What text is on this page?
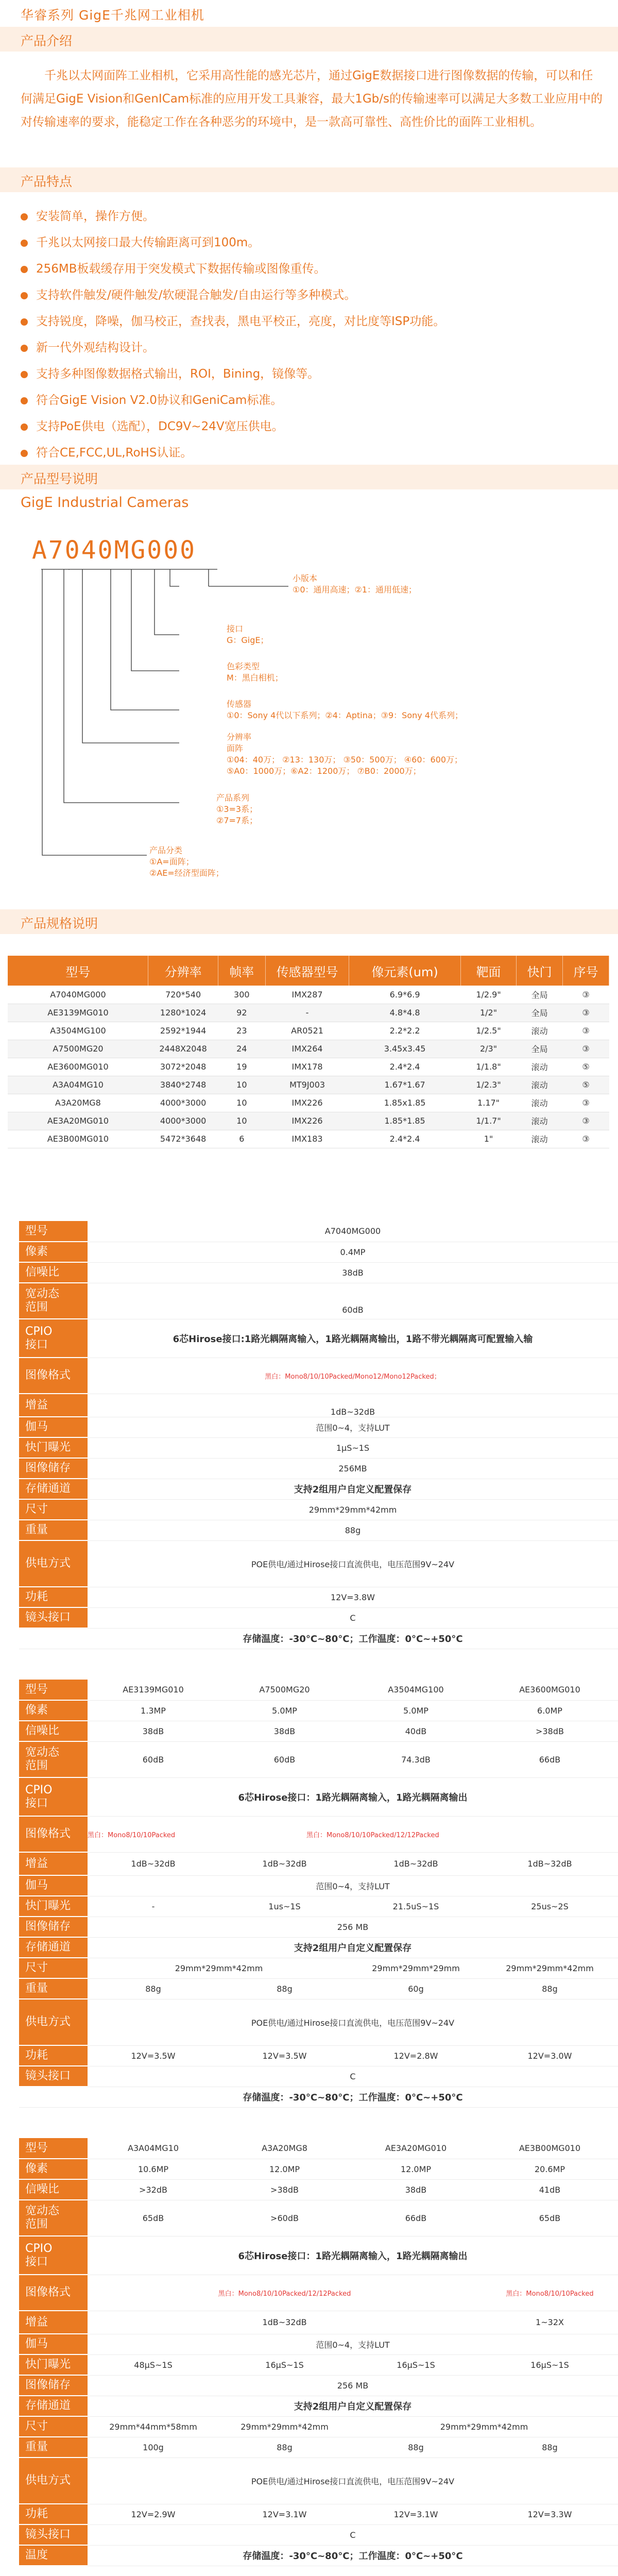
华睿系列 GigE千兆网工业相机
产品介绍

千兆以太网面阵工业相机，它采用高性能的感光芯片，通过GigE数据接口进行图像数据的传输，可以和任何满足GigE Vision和GenICam标准的应用开发工具兼容，最大1Gb/s的传输速率可以满足大多数工业应用中的对传输速率的要求，能稳定工作在各种恶劣的环境中，是一款高可靠性、高性价比的面阵工业相机。

产品特点
安装简单，操作方便。
千兆以太网接口最大传输距离可到100m。
256MB板载缓存用于突发模式下数据传输或图像重传。
支持软件触发/硬件触发/软硬混合触发/自由运行等多种模式。
支持锐度，降噪，伽马校正，查找表，黑电平校正，亮度，对比度等ISP功能。
新一代外观结构设计。
支持多种图像数据格式输出，ROI，Bining，镜像等。
符合GigE Vision V2.0协议和GeniCam标准。
支持PoE供电（选配），DC9V~24V宽压供电。
符合CE,FCC,UL,RoHS认证。
产品型号说明
GigE Industrial Cameras
A7040MG000
小版本
①0：通用高速；②1：通用低速；
接口
G：GigE；
色彩类型
M：黑白相机；
传感器
①0：Sony 4代以下系列；②4：Aptina；③9：Sony 4代系列；
分辨率
面阵
①04：40万； ②13：130万； ③50：500万； ④60：600万；
⑤A0：1000万；⑥A2：1200万； ⑦B0：2000万；
产品系列
①3=3系；
②7=7系；
产品分类
①A=面阵；
②AE=经济型面阵；
产品规格说明
型号	分辨率	帧率	传感器型号	像元素(um)	靶面	快门	序号
A7040MG000	720*540	300	IMX287	6.9*6.9	1/2.9"	全局	③
AE3139MG010	1280*1024	92	-	4.8*4.8	1/2"	全局	③
A3504MG100	2592*1944	23	AR0521	2.2*2.2	1/2.5"	滚动	③
A7500MG20	2448X2048	24	IMX264	3.45x3.45	2/3"	全局	③
AE3600MG010	3072*2048	19	IMX178	2.4*2.4	1/1.8"	滚动	⑤
A3A04MG10	3840*2748	10	MT9J003	1.67*1.67	1/2.3"	滚动	⑤
A3A20MG8	4000*3000	10	IMX226	1.85x1.85	1.17"	滚动	③
AE3A20MG010	4000*3000	10	IMX226	1.85*1.85	1/1.7"	滚动	③
AE3B00MG010	5472*3648	6	IMX183	2.4*2.4	1"	滚动	③
型号	A7040MG000
像素	0.4MP
信噪比	38dB
宽动态
范围	60dB
CPIO
接口	6芯Hirose接口:1路光耦隔离输入，1路光耦隔离输出，1路不带光耦隔离可配置输入输
图像格式	黑白：Mono8/10/10Packed/Mono12/Mono12Packed；
增益	1dB~32dB
伽马	范围0~4，支持LUT
快门曝光	1μS~1S
图像储存	256MB
存储通道	支持2组用户自定义配置保存
尺寸	29mm*29mm*42mm
重量	88g
供电方式	POE供电/通过Hirose接口直流供电，电压范围9V~24V
功耗	12V=3.8W
镜头接口	C
	存储温度：-30°C~80°C；工作温度：0°C~+50°C
型号	AE3139MG010	A7500MG20	A3504MG100	AE3600MG010
像素	1.3MP	5.0MP	5.0MP	6.0MP
信噪比	38dB	38dB	40dB	>38dB
宽动态
范围	60dB	60dB	74.3dB	66dB
CPIO
接口	6芯Hirose接口：1路光耦隔离输入，1路光耦隔离输出			
图像格式	黑白：Mono8/10/10Packed	黑白：Mono8/10/10Packed/12/12Packed		
增益	1dB~32dB	1dB~32dB	1dB~32dB	1dB~32dB
伽马	范围0~4，支持LUT			
快门曝光	-	1us~1S	21.5uS~1S	25us~2S
图像储存	256 MB			
存储通道	支持2组用户自定义配置保存			
尺寸	29mm*29mm*42mm		29mm*29mm*29mm	29mm*29mm*42mm
重量	88g	88g	60g	88g
供电方式	POE供电/通过Hirose接口直流供电，电压范围9V~24V			
功耗	12V=3.5W	12V=3.5W	12V=2.8W	12V=3.0W
镜头接口	C			
	存储温度：-30°C~80°C；工作温度：0°C~+50°C			
型号	A3A04MG10	A3A20MG8	AE3A20MG010	AE3B00MG010
像素	10.6MP	12.0MP	12.0MP	20.6MP
信噪比	>32dB	>38dB	38dB	41dB
宽动态
范围	65dB	>60dB	66dB	65dB
CPIO
接口	6芯Hirose接口：1路光耦隔离输入，1路光耦隔离输出			
图像格式	黑白：Mono8/10/10Packed/12/12Packed			黑白：Mono8/10/10Packed
增益	1dB~32dB			1~32X
伽马	范围0~4，支持LUT			
快门曝光	48μS~1S	16μS~1S	16μS~1S	16μS~1S
图像储存	256 MB			
存储通道	支持2组用户自定义配置保存			
尺寸	29mm*44mm*58mm	29mm*29mm*42mm	29mm*29mm*42mm	
重量	100g	88g	88g	88g
供电方式	POE供电/通过Hirose接口直流供电，电压范围9V~24V			
功耗	12V=2.9W	12V=3.1W	12V=3.1W	12V=3.3W
镜头接口	C			
温度	存储温度：-30°C~80°C；工作温度：0°C~+50°C			
